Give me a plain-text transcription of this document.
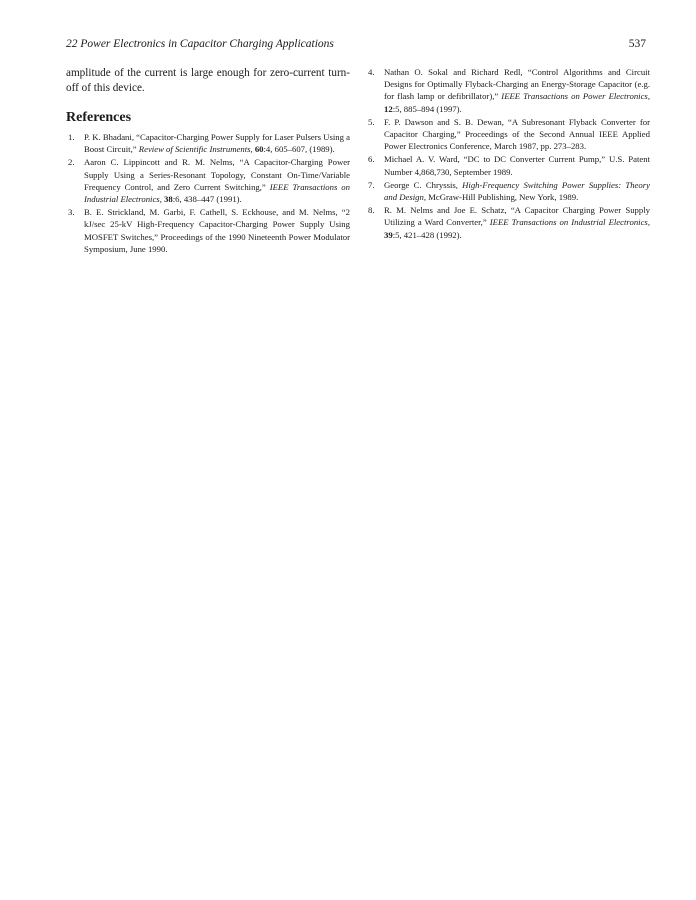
22 Power Electronics in Capacitor Charging Applications	537

amplitude of the current is large enough for zero-current turn-off of this device.

References
1. P. K. Bhadani, “Capacitor-Charging Power Supply for Laser Pulsers Using a Boost Circuit,” Review of Scientific Instruments, 60:4, 605–607, (1989).
2. Aaron C. Lippincott and R. M. Nelms, “A Capacitor-Charging Power Supply Using a Series-Resonant Topology, Constant On-Time/Variable Frequency Control, and Zero Current Switching,” IEEE Transactions on Industrial Electronics, 38:6, 438–447 (1991).
3. B. E. Strickland, M. Garbi, F. Cathell, S. Eckhouse, and M. Nelms, “2 kJ/sec 25-kV High-Frequency Capacitor-Charging Power Supply Using MOSFET Switches,” Proceedings of the 1990 Nineteenth Power Modulator Symposium, June 1990.
4. Nathan O. Sokal and Richard Redl, “Control Algorithms and Circuit Designs for Optimally Flyback-Charging an Energy-Storage Capacitor (e.g. for flash lamp or defibrillator),” IEEE Transactions on Power Electronics, 12:5, 885–894 (1997).
5. F. P. Dawson and S. B. Dewan, “A Subresonant Flyback Converter for Capacitor Charging,” Proceedings of the Second Annual IEEE Applied Power Electronics Conference, March 1987, pp. 273–283.
6. Michael A. V. Ward, “DC to DC Converter Current Pump,” U.S. Patent Number 4,868,730, September 1989.
7. George C. Chryssis, High-Frequency Switching Power Supplies: Theory and Design, McGraw-Hill Publishing, New York, 1989.
8. R. M. Nelms and Joe E. Schatz, “A Capacitor Charging Power Supply Utilizing a Ward Converter,” IEEE Transactions on Industrial Electronics, 39:5, 421–428 (1992).
